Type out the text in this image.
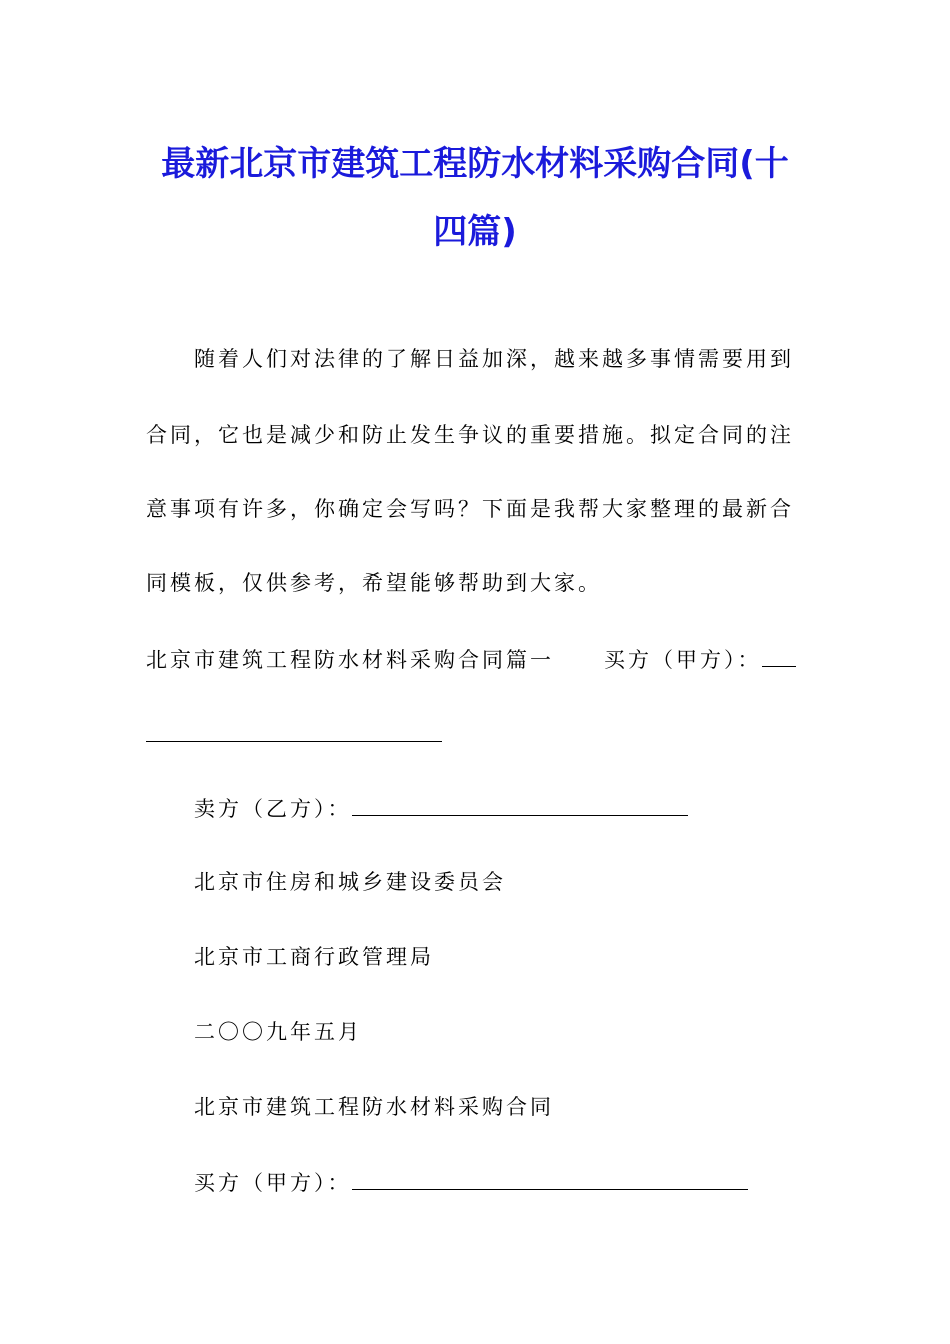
最新北京市建筑工程防水材料采购合同(十
四篇)
随着人们对法律的了解日益加深，越来越多事情需要用到
合同，它也是减少和防止发生争议的重要措施。拟定合同的注
意事项有许多，你确定会写吗？下面是我帮大家整理的最新合
同模板，仅供参考，希望能够帮助到大家。
北京市建筑工程防水材料采购合同篇一 买方（甲方）：
卖方（乙方）：
北京市住房和城乡建设委员会
北京市工商行政管理局
二〇〇九年五月
北京市建筑工程防水材料采购合同
买方（甲方）：
